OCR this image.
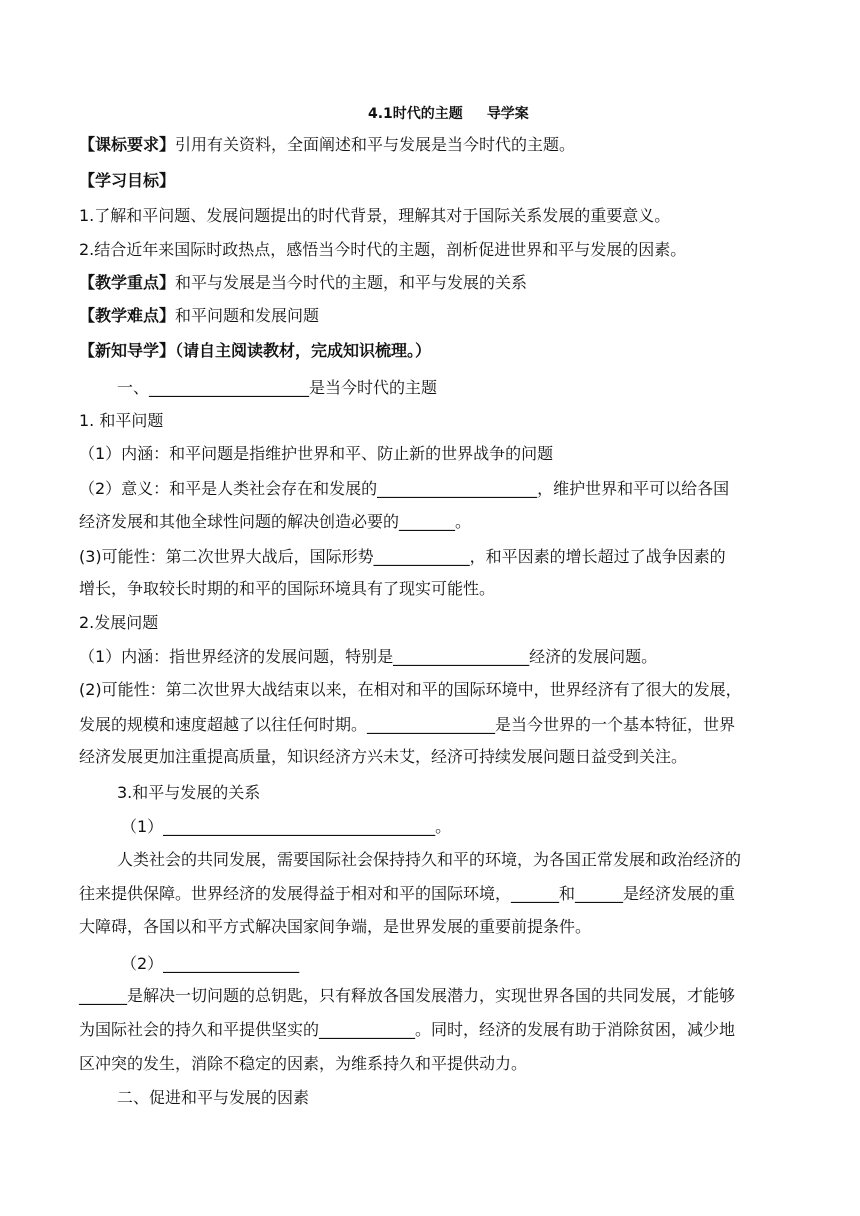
4.1时代的主题 导学案
【课标要求】引用有关资料，全面阐述和平与发展是当今时代的主题。
【学习目标】
1.了解和平问题、发展问题提出的时代背景，理解其对于国际关系发展的重要意义。
2.结合近年来国际时政热点，感悟当今时代的主题，剖析促进世界和平与发展的因素。
【教学重点】和平与发展是当今时代的主题，和平与发展的关系
【教学难点】和平问题和发展问题
【新知导学】（请自主阅读教材，完成知识梳理。）
一、____________________是当今时代的主题
1. 和平问题
（1）内涵：和平问题是指维护世界和平、防止新的世界战争的问题
（2）意义：和平是人类社会存在和发展的____________________，维护世界和平可以给各国
经济发展和其他全球性问题的解决创造必要的_______。
(3)可能性：第二次世界大战后，国际形势____________，和平因素的增长超过了战争因素的
增长，争取较长时期的和平的国际环境具有了现实可能性。
2.发展问题
（1）内涵：指世界经济的发展问题，特别是_________________经济的发展问题。
(2)可能性：第二次世界大战结束以来，在相对和平的国际环境中，世界经济有了很大的发展，
发展的规模和速度超越了以往任何时期。________________是当今世界的一个基本特征，世界
经济发展更加注重提高质量，知识经济方兴未艾，经济可持续发展问题日益受到关注。
3.和平与发展的关系
（1）__________________________________。
人类社会的共同发展，需要国际社会保持持久和平的环境，为各国正常发展和政治经济的
往来提供保障。世界经济的发展得益于相对和平的国际环境，______和______是经济发展的重
大障碍，各国以和平方式解决国家间争端，是世界发展的重要前提条件。
（2）_________________
______是解决一切问题的总钥匙，只有释放各国发展潜力，实现世界各国的共同发展，才能够
为国际社会的持久和平提供坚实的____________。同时，经济的发展有助于消除贫困，减少地
区冲突的发生，消除不稳定的因素，为维系持久和平提供动力。
二、促进和平与发展的因素
